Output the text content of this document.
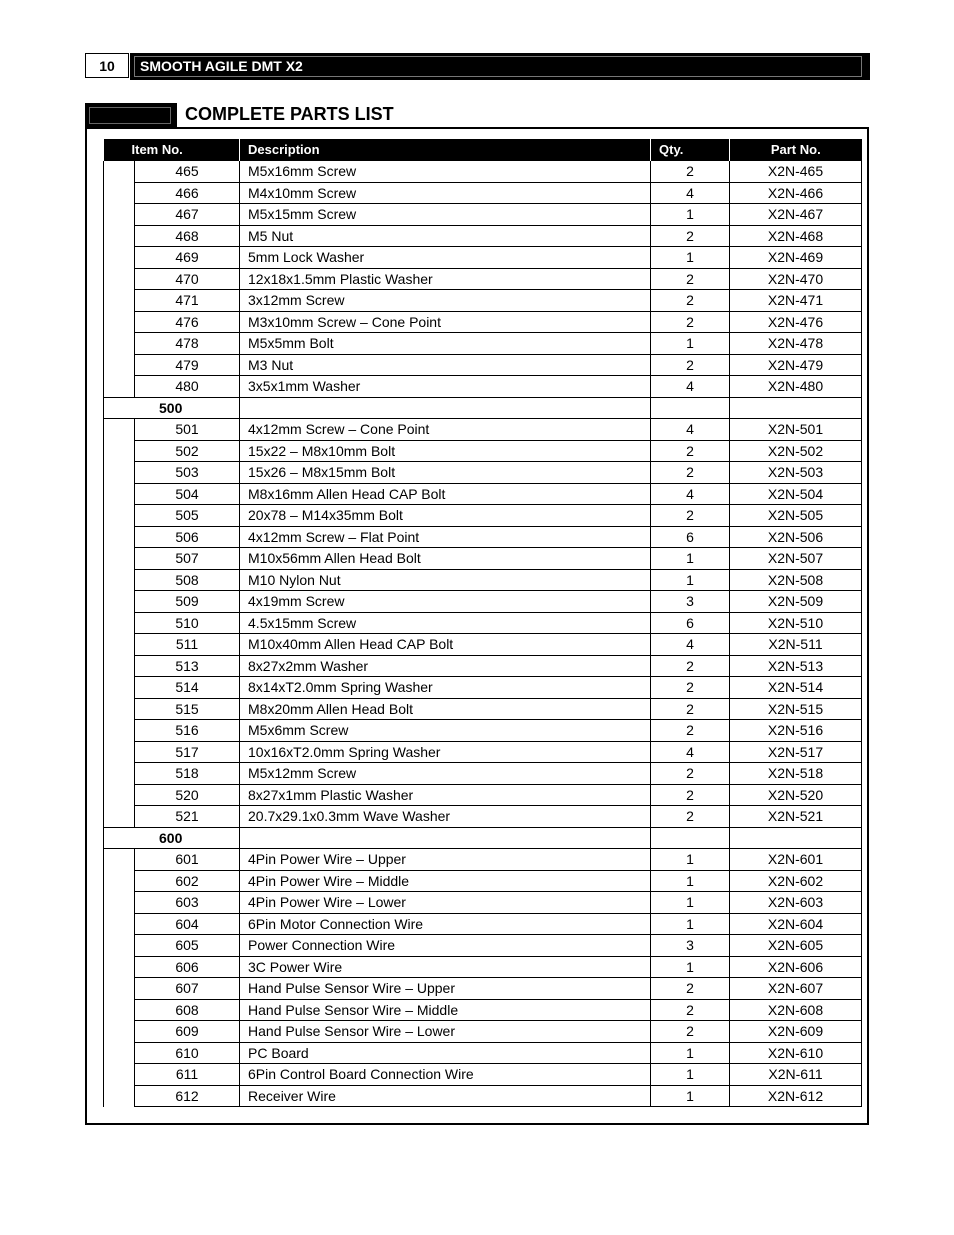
10	SMOOTH AGILE DMT X2
COMPLETE PARTS LIST
Item No.		Description	Qty.	Part No.
	465	M5x16mm Screw	2	X2N-465
	466	M4x10mm Screw	4	X2N-466
	467	M5x15mm Screw	1	X2N-467
	468	M5 Nut	2	X2N-468
	469	5mm Lock Washer	1	X2N-469
	470	12x18x1.5mm Plastic Washer	2	X2N-470
	471	3x12mm Screw	2	X2N-471
	476	M3x10mm Screw – Cone Point	2	X2N-476
	478	M5x5mm Bolt	1	X2N-478
	479	M3 Nut	2	X2N-479
	480	3x5x1mm Washer	4	X2N-480
500				
	501	4x12mm Screw – Cone Point	4	X2N-501
	502	15x22 – M8x10mm Bolt	2	X2N-502
	503	15x26 – M8x15mm Bolt	2	X2N-503
	504	M8x16mm Allen Head CAP Bolt	4	X2N-504
	505	20x78 – M14x35mm Bolt	2	X2N-505
	506	4x12mm Screw – Flat Point	6	X2N-506
	507	M10x56mm Allen Head Bolt	1	X2N-507
	508	M10 Nylon Nut	1	X2N-508
	509	4x19mm Screw	3	X2N-509
	510	4.5x15mm Screw	6	X2N-510
	511	M10x40mm Allen Head CAP Bolt	4	X2N-511
	513	8x27x2mm Washer	2	X2N-513
	514	8x14xT2.0mm Spring Washer	2	X2N-514
	515	M8x20mm Allen Head Bolt	2	X2N-515
	516	M5x6mm Screw	2	X2N-516
	517	10x16xT2.0mm Spring Washer	4	X2N-517
	518	M5x12mm Screw	2	X2N-518
	520	8x27x1mm Plastic Washer	2	X2N-520
	521	20.7x29.1x0.3mm Wave Washer	2	X2N-521
600				
	601	4Pin Power Wire – Upper	1	X2N-601
	602	4Pin Power Wire – Middle	1	X2N-602
	603	4Pin Power Wire – Lower	1	X2N-603
	604	6Pin Motor Connection Wire	1	X2N-604
	605	Power Connection Wire	3	X2N-605
	606	3C Power Wire	1	X2N-606
	607	Hand Pulse Sensor Wire – Upper	2	X2N-607
	608	Hand Pulse Sensor Wire – Middle	2	X2N-608
	609	Hand Pulse Sensor Wire – Lower	2	X2N-609
	610	PC Board	1	X2N-610
	611	6Pin Control Board Connection Wire	1	X2N-611
	612	Receiver Wire	1	X2N-612
